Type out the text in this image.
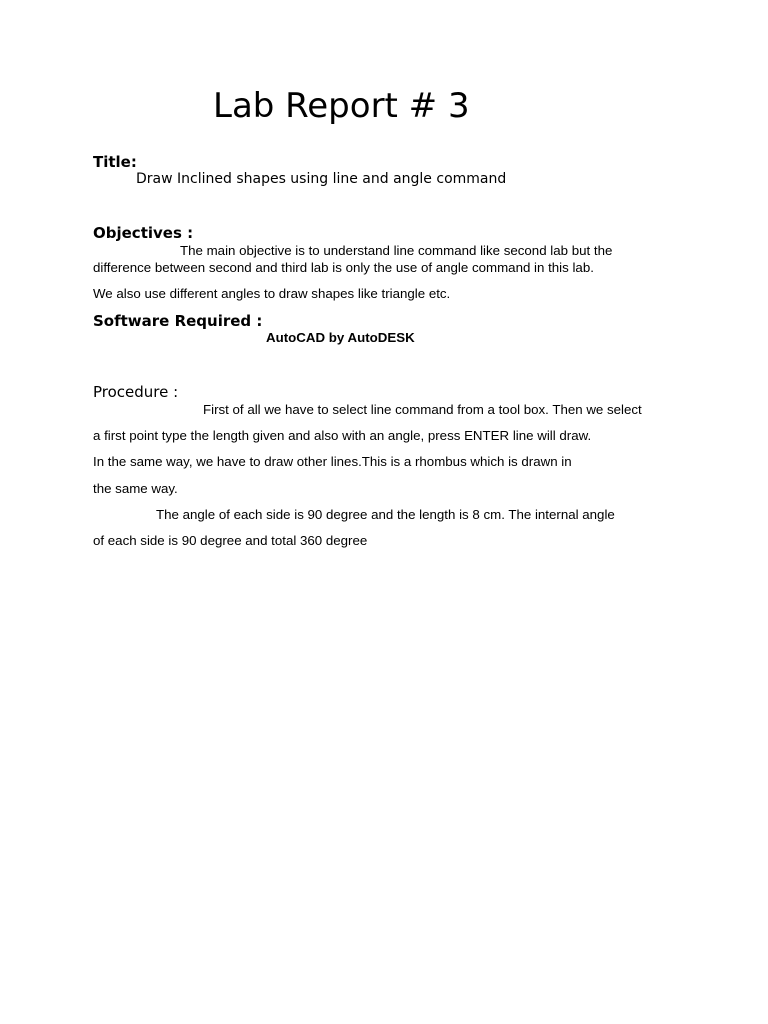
Lab Report # 3
Title:
Draw Inclined shapes using line and angle command
Objectives :
The main objective is to understand line command like second lab but the
difference between second and third lab is only the use of angle command in this lab.
We also use different angles to draw shapes like triangle etc.
Software Required :
AutoCAD by AutoDESK
Procedure :
First of all we have to select line command from a tool box. Then we select
a first point type the length given and also with an angle, press ENTER line will draw.
In the same way, we have to draw other lines.This is a rhombus which is drawn in
the same way.
The angle of each side is 90 degree and the length is 8 cm. The internal angle
of each side is 90 degree and total 360 degree
